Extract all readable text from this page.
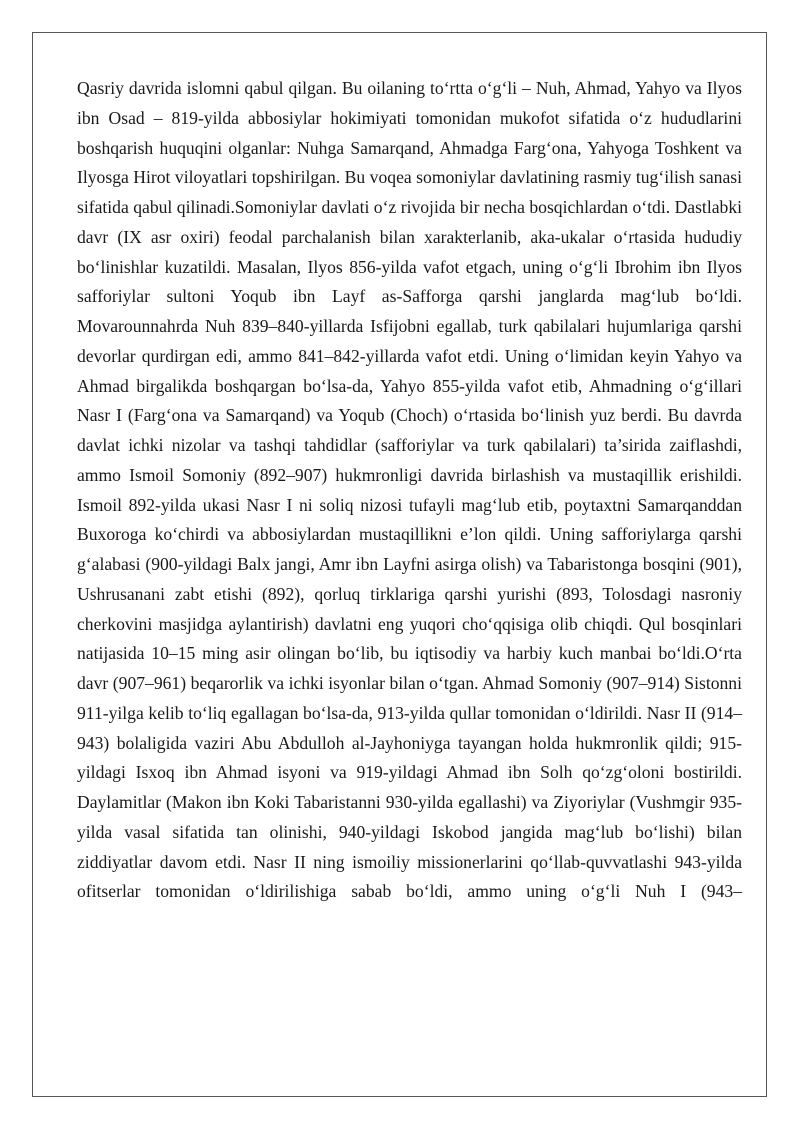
Qasriy davrida islomni qabul qilgan. Bu oilaning to‘rtta o‘g‘li – Nuh, Ahmad, Yahyo va Ilyos ibn Osad – 819-yilda abbosiylar hokimiyati tomonidan mukofot sifatida o‘z hududlarini boshqarish huquqini olganlar: Nuhga Samarqand, Ahmadga Farg‘ona, Yahyoga Toshkent va Ilyosga Hirot viloyatlari topshirilgan. Bu voqea somoniylar davlatining rasmiy tug‘ilish sanasi sifatida qabul qilinadi.Somoniylar davlati o‘z rivojida bir necha bosqichlardan o‘tdi. Dastlabki davr (IX asr oxiri) feodal parchalanish bilan xarakterlanib, aka-ukalar o‘rtasida hududiy bo‘linishlar kuzatildi. Masalan, Ilyos 856-yilda vafot etgach, uning o‘g‘li Ibrohim ibn Ilyos safforiylar sultoni Yoqub ibn Layf as-Safforga qarshi janglarda mag‘lub bo‘ldi. Movarounnahrda Nuh 839–840-yillarda Isfijobni egallab, turk qabilalari hujumlariga qarshi devorlar qurdirgan edi, ammo 841–842-yillarda vafot etdi. Uning o‘limidan keyin Yahyo va Ahmad birgalikda boshqargan bo‘lsa-da, Yahyo 855-yilda vafot etib, Ahmadning o‘g‘illari Nasr I (Farg‘ona va Samarqand) va Yoqub (Choch) o‘rtasida bo‘linish yuz berdi. Bu davrda davlat ichki nizolar va tashqi tahdidlar (safforiylar va turk qabilalari) ta’sirida zaiflashdi, ammo Ismoil Somoniy (892–907) hukmronligi davrida birlashish va mustaqillik erishildi. Ismoil 892-yilda ukasi Nasr I ni soliq nizosi tufayli mag‘lub etib, poytaxtni Samarqanddan Buxoroga ko‘chirdi va abbosiylardan mustaqillikni e’lon qildi. Uning safforiylarga qarshi g‘alabasi (900-yildagi Balx jangi, Amr ibn Layfni asirga olish) va Tabaristonga bosqini (901), Ushrusanani zabt etishi (892), qorluq tirklariga qarshi yurishi (893, Tolosdagi nasroniy cherkovini masjidga aylantirish) davlatni eng yuqori cho‘qqisiga olib chiqdi. Qul bosqinlari natijasida 10–15 ming asir olingan bo‘lib, bu iqtisodiy va harbiy kuch manbai bo‘ldi.O‘rta davr (907–961) beqarorlik va ichki isyonlar bilan o‘tgan. Ahmad Somoniy (907–914) Sistonni 911-yilga kelib to‘liq egallagan bo‘lsa-da, 913-yilda qullar tomonidan o‘ldirildi. Nasr II (914–943) bolaligida vaziri Abu Abdulloh al-Jayhoniyga tayangan holda hukmronlik qildi; 915-yildagi Isxoq ibn Ahmad isyoni va 919-yildagi Ahmad ibn Solh qo‘zg‘oloni bostirildi. Daylamitlar (Makon ibn Koki Tabaristanni 930-yilda egallashi) va Ziyoriylar (Vushmgir 935-yilda vasal sifatida tan olinishi, 940-yildagi Iskobod jangida mag‘lub bo‘lishi) bilan ziddiyatlar davom etdi. Nasr II ning ismoiliy missionerlarini qo‘llab-quvvatlashi 943-yilda ofitserlar tomonidan o‘ldirilishiga sabab bo‘ldi, ammo uning o‘g‘li Nuh I (943–
